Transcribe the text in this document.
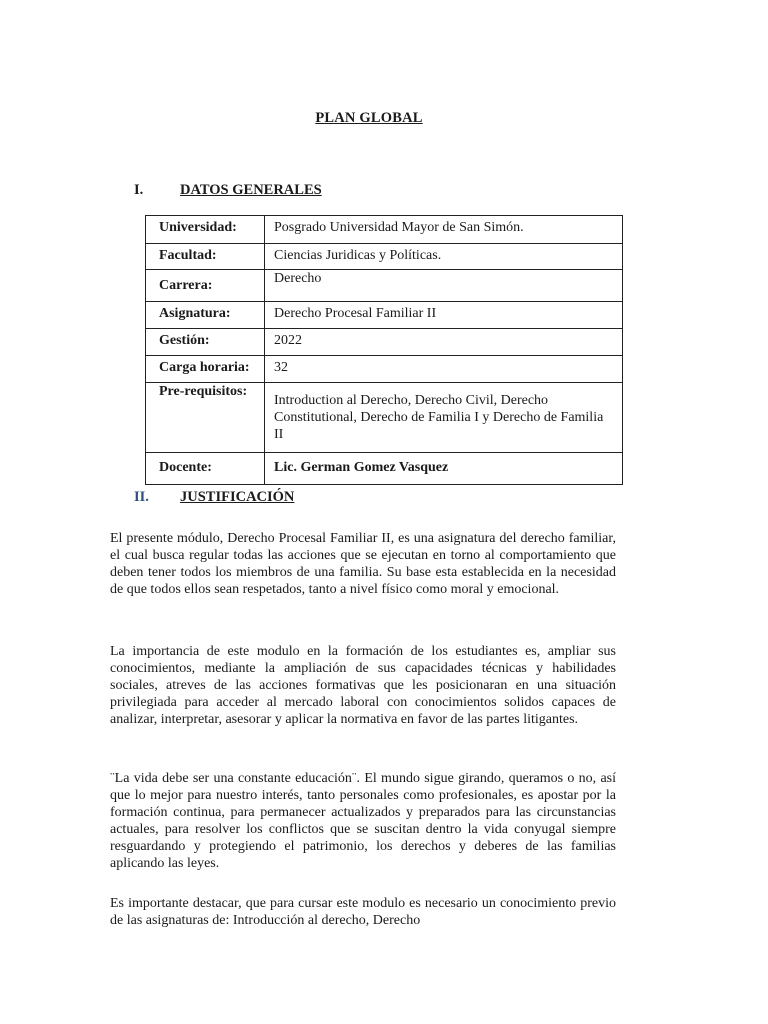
PLAN GLOBAL
I.	DATOS GENERALES
Universidad:	Posgrado Universidad Mayor de San Simón.
Facultad:	Ciencias Juridicas y Políticas.
Carrera:	Derecho
Asignatura:	Derecho Procesal Familiar II
Gestión:	2022
Carga horaria:	32
Pre-requisitos:	Introduction al Derecho, Derecho Civil, Derecho Constitutional, Derecho de Familia I y Derecho de Familia II
Docente:	Lic. German Gomez Vasquez
II.	JUSTIFICACIÓN

El presente módulo, Derecho Procesal Familiar II, es una asignatura del derecho familiar, el cual busca regular todas las acciones que se ejecutan en torno al comportamiento que deben tener todos los miembros de una familia. Su base esta establecida en la necesidad de que todos ellos sean respetados, tanto a nivel físico como moral y emocional.

La importancia de este modulo en la formación de los estudiantes es, ampliar sus conocimientos, mediante la ampliación de sus capacidades técnicas y habilidades sociales, atreves de las acciones formativas que les posicionaran en una situación privilegiada para acceder al mercado laboral con conocimientos solidos capaces de analizar, interpretar, asesorar y aplicar la normativa en favor de las partes litigantes.

¨La vida debe ser una constante educación¨. El mundo sigue girando, queramos o no, así que lo mejor para nuestro interés, tanto personales como profesionales, es apostar por la formación continua, para permanecer actualizados y preparados para las circunstancias actuales, para resolver los conflictos que se suscitan dentro la vida conyugal siempre resguardando y protegiendo el patrimonio, los derechos y deberes de las familias aplicando las leyes.

Es importante destacar, que para cursar este modulo es necesario un conocimiento previo de las asignaturas de: Introducción al derecho, Derecho
